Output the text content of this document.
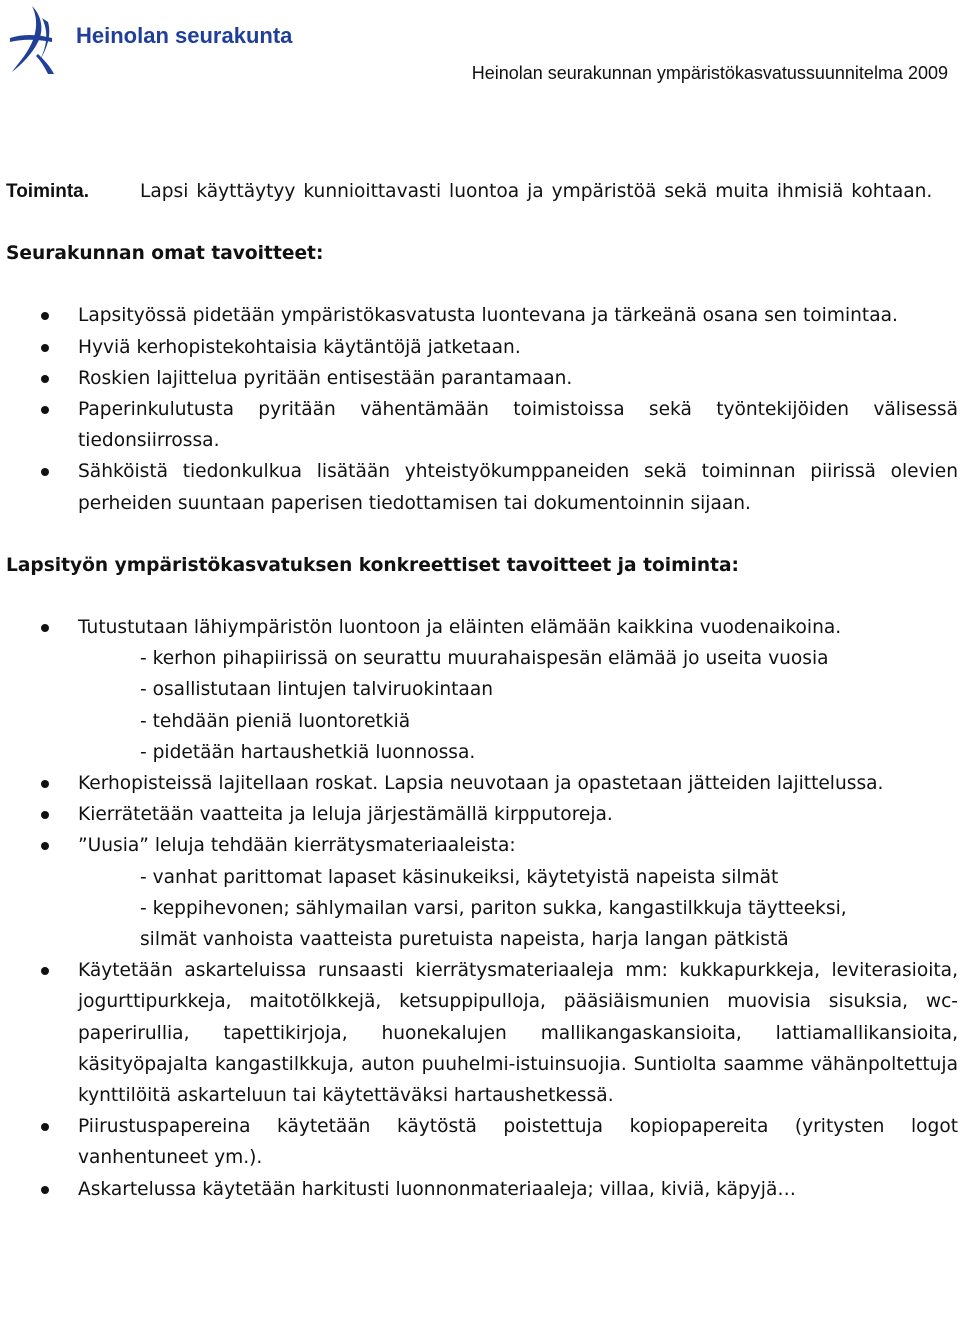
Heinolan seurakunta
Heinolan seurakunnan ympäristökasvatussuunnitelma 2009
Toiminta.	Lapsi käyttäytyy kunnioittavasti luontoa ja ympäristöä sekä muita ihmisiä kohtaan.

Seurakunnan omat tavoitteet:

Lapsityössä pidetään ympäristökasvatusta luontevana ja tärkeänä osana sen toimintaa.
Hyviä kerhopistekohtaisia käytäntöjä jatketaan.
Roskien lajittelua pyritään entisestään parantamaan.
Paperinkulutusta pyritään vähentämään toimistoissa sekä työntekijöiden välisessä tiedonsiirrossa.
Sähköistä tiedonkulkua lisätään yhteistyökumppaneiden sekä toiminnan piirissä olevien perheiden suuntaan paperisen tiedottamisen tai dokumentoinnin sijaan.

Lapsityön ympäristökasvatuksen konkreettiset tavoitteet ja toiminta:

Tutustutaan lähiympäristön luontoon ja eläinten elämään kaikkina vuodenaikoina.
- kerhon pihapiirissä on seurattu muurahaispesän elämää jo useita vuosia
- osallistutaan lintujen talviruokintaan
- tehdään pieniä luontoretkiä
- pidetään hartaushetkiä luonnossa.
Kerhopisteissä lajitellaan roskat. Lapsia neuvotaan ja opastetaan jätteiden lajittelussa.
Kierrätetään vaatteita ja leluja järjestämällä kirpputoreja.
”Uusia” leluja tehdään kierrätysmateriaaleista:
- vanhat parittomat lapaset käsinukeiksi, käytetyistä napeista silmät
- keppihevonen; sählymailan varsi, pariton sukka, kangastilkkuja täytteeksi,
silmät vanhoista vaatteista puretuista napeista, harja langan pätkistä
Käytetään askarteluissa runsaasti kierrätysmateriaaleja mm: kukkapurkkeja, leviterasioita, jogurttipurkkeja, maitotölkkejä, ketsuppipulloja, pääsiäismunien muovisia sisuksia, wc-paperirullia, tapettikirjoja, huonekalujen mallikangaskansioita, lattiamallikansioita, käsityöpajalta kangastilkkuja, auton puuhelmi-istuinsuojia. Suntiolta saamme vähänpoltettuja kynttilöitä askarteluun tai käytettäväksi hartaushetkessä.
Piirustuspapereina käytetään käytöstä poistettuja kopiopapereita (yritysten logot vanhentuneet ym.).
Askartelussa käytetään harkitusti luonnonmateriaaleja; villaa, kiviä, käpyjä…
